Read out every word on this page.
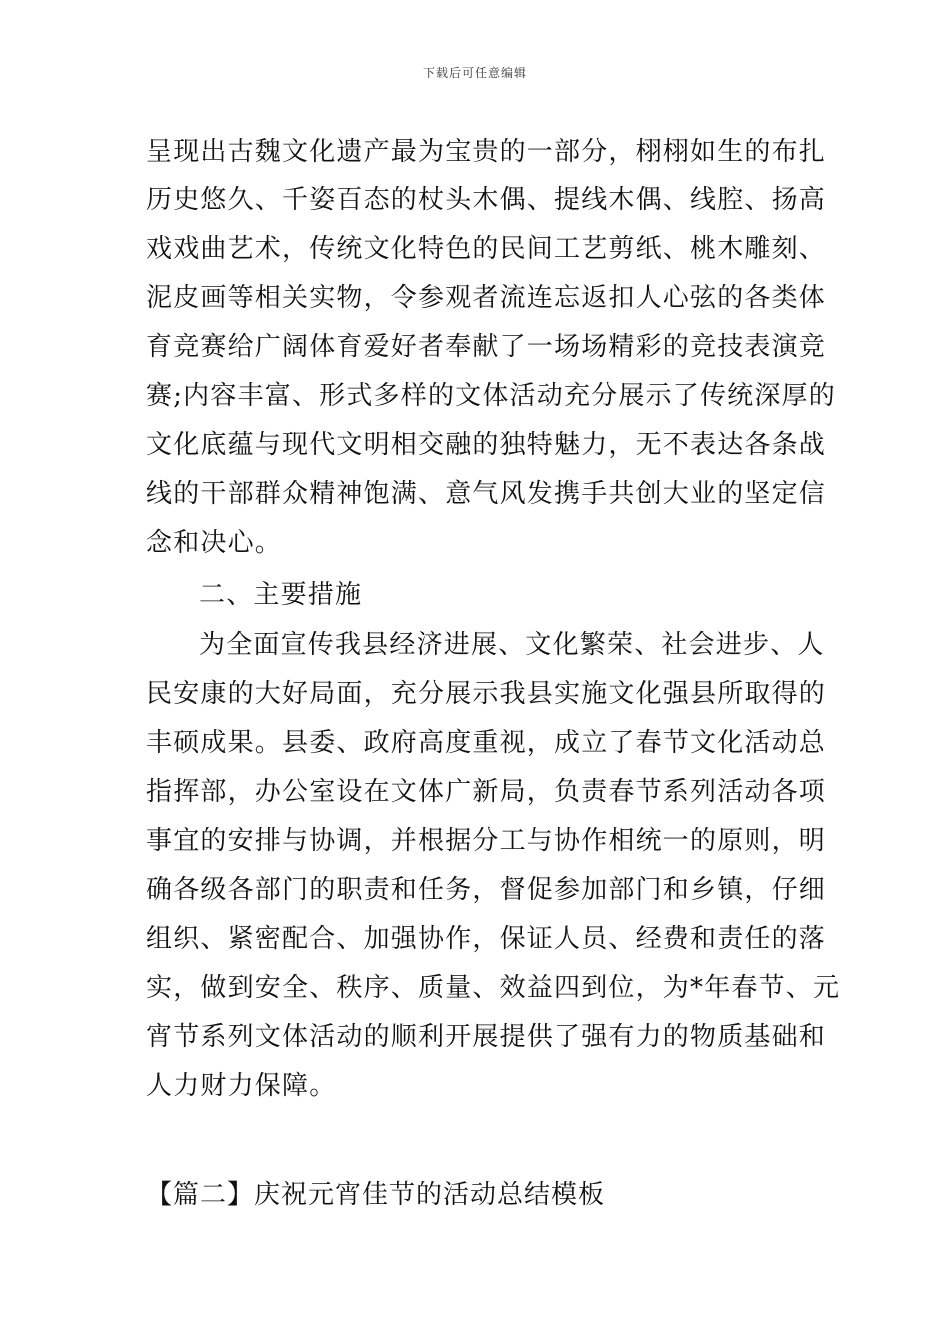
下载后可任意编辑
呈现出古魏文化遗产最为宝贵的一部分，栩栩如生的布扎
历史悠久、千姿百态的杖头木偶、提线木偶、线腔、扬高
戏戏曲艺术，传统文化特色的民间工艺剪纸、桃木雕刻、
泥皮画等相关实物，令参观者流连忘返扣人心弦的各类体
育竞赛给广阔体育爱好者奉献了一场场精彩的竞技表演竞
赛;内容丰富、形式多样的文体活动充分展示了传统深厚的
文化底蕴与现代文明相交融的独特魅力，无不表达各条战
线的干部群众精神饱满、意气风发携手共创大业的坚定信
念和决心。
二、主要措施
为全面宣传我县经济进展、文化繁荣、社会进步、人
民安康的大好局面，充分展示我县实施文化强县所取得的
丰硕成果。县委、政府高度重视，成立了春节文化活动总
指挥部，办公室设在文体广新局，负责春节系列活动各项
事宜的安排与协调，并根据分工与协作相统一的原则，明
确各级各部门的职责和任务，督促参加部门和乡镇，仔细
组织、紧密配合、加强协作，保证人员、经费和责任的落
实，做到安全、秩序、质量、效益四到位，为*年春节、元
宵节系列文体活动的顺利开展提供了强有力的物质基础和
人力财力保障。
【篇二】庆祝元宵佳节的活动总结模板
